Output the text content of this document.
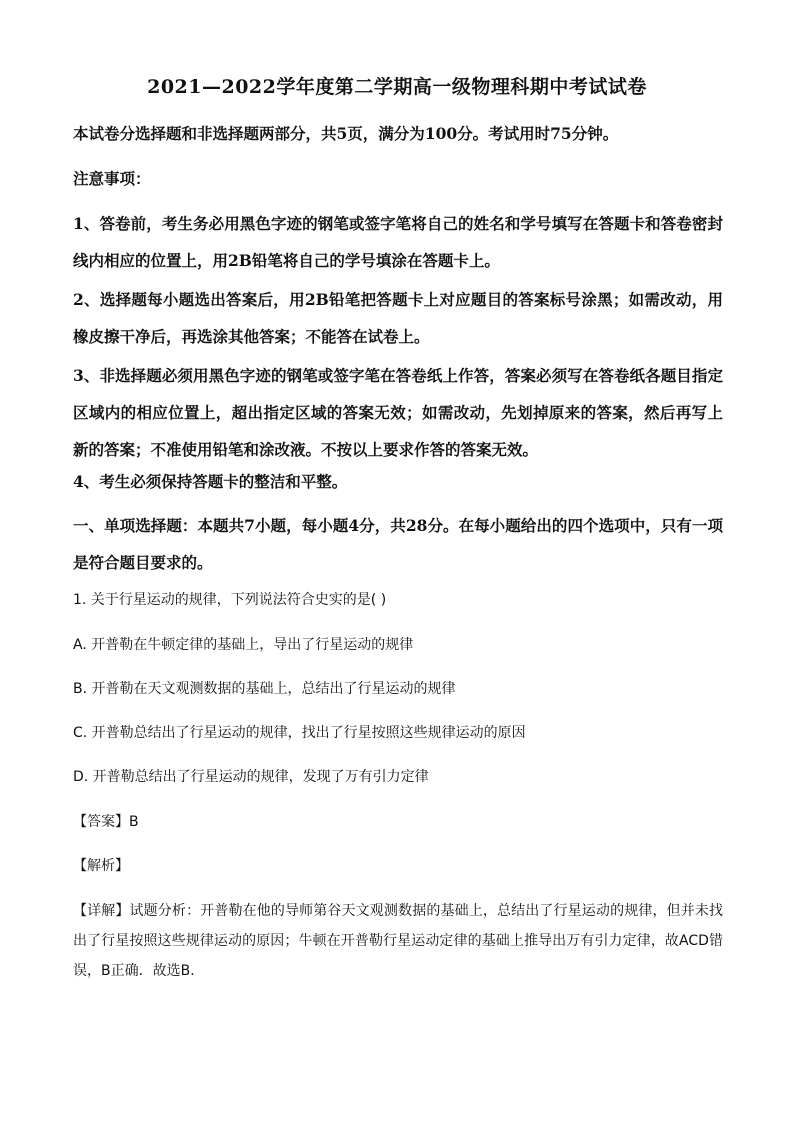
2021—2022学年度第二学期高一级物理科期中考试试卷
本试卷分选择题和非选择题两部分，共5页，满分为100分。考试用时75分钟。
注意事项：
1、答卷前，考生务必用黑色字迹的钢笔或签字笔将自己的姓名和学号填写在答题卡和答卷密封线内相应的位置上，用2B铅笔将自己的学号填涂在答题卡上。
2、选择题每小题选出答案后，用2B铅笔把答题卡上对应题目的答案标号涂黑；如需改动，用橡皮擦干净后，再选涂其他答案；不能答在试卷上。
3、非选择题必须用黑色字迹的钢笔或签字笔在答卷纸上作答，答案必须写在答卷纸各题目指定区域内的相应位置上，超出指定区域的答案无效；如需改动，先划掉原来的答案，然后再写上新的答案；不准使用铅笔和涂改液。不按以上要求作答的答案无效。
4、考生必须保持答题卡的整洁和平整。
一、单项选择题：本题共7小题，每小题4分，共28分。在每小题给出的四个选项中，只有一项是符合题目要求的。
1. 关于行星运动的规律，下列说法符合史实的是( )
A. 开普勒在牛顿定律的基础上，导出了行星运动的规律
B. 开普勒在天文观测数据的基础上，总结出了行星运动的规律
C. 开普勒总结出了行星运动的规律，找出了行星按照这些规律运动的原因
D. 开普勒总结出了行星运动的规律，发现了万有引力定律
【答案】B
【解析】
【详解】试题分析：开普勒在他的导师第谷天文观测数据的基础上，总结出了行星运动的规律，但并未找出了行星按照这些规律运动的原因；牛顿在开普勒行星运动定律的基础上推导出万有引力定律，故ACD错误，B正确．故选B．
